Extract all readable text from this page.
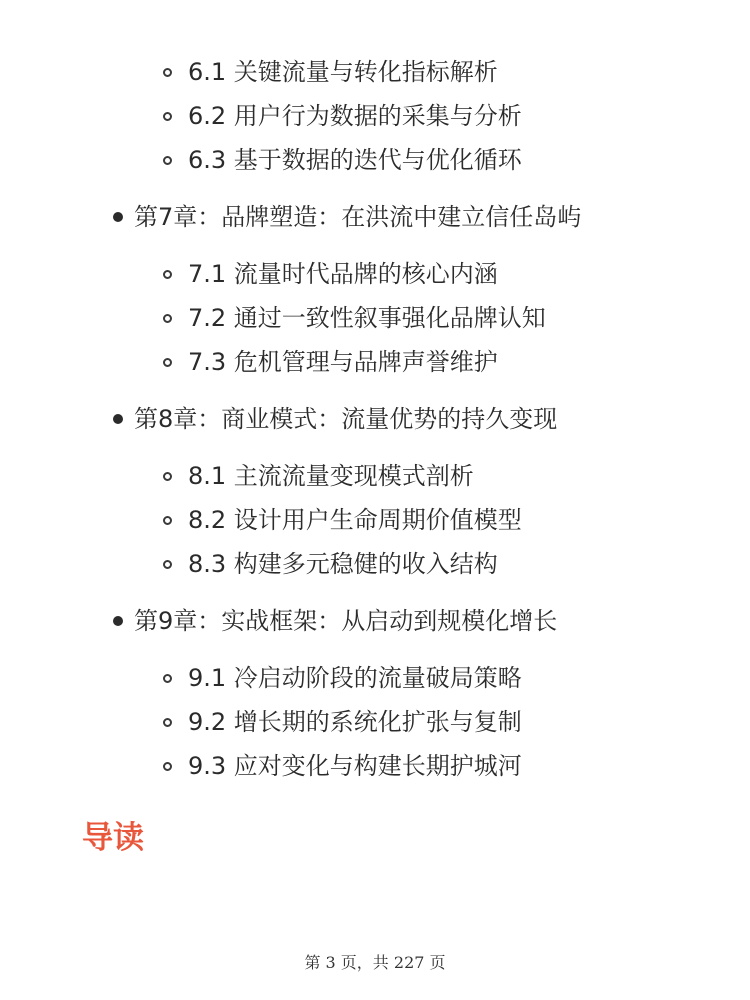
6.1 关键流量与转化指标解析
6.2 用户行为数据的采集与分析
6.3 基于数据的迭代与优化循环
第7章：品牌塑造：在洪流中建立信任岛屿
7.1 流量时代品牌的核心内涵
7.2 通过一致性叙事强化品牌认知
7.3 危机管理与品牌声誉维护
第8章：商业模式：流量优势的持久变现
8.1 主流流量变现模式剖析
8.2 设计用户生命周期价值模型
8.3 构建多元稳健的收入结构
第9章：实战框架：从启动到规模化增长
9.1 冷启动阶段的流量破局策略
9.2 增长期的系统化扩张与复制
9.3 应对变化与构建长期护城河
导读
第 3 页，共 227 页
